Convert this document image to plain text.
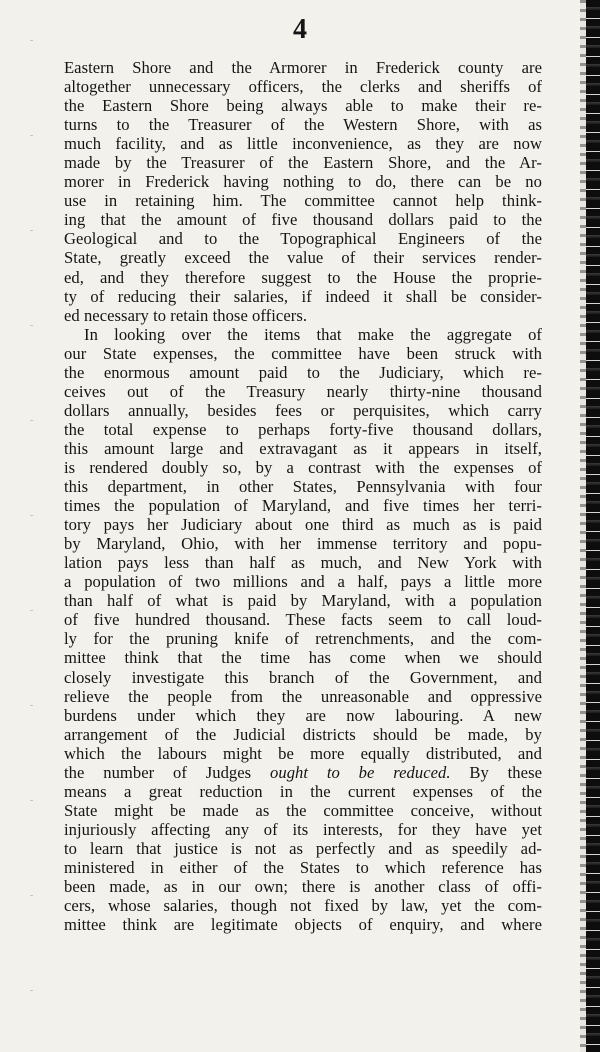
4
Eastern Shore and the Armorer in Frederick county are
altogether unnecessary officers, the clerks and sheriffs of
the Eastern Shore being always able to make their re-
turns to the Treasurer of the Western Shore, with as
much facility, and as little inconvenience, as they are now
made by the Treasurer of the Eastern Shore, and the Ar-
morer in Frederick having nothing to do, there can be no
use in retaining him. The committee cannot help think-
ing that the amount of five thousand dollars paid to the
Geological and to the Topographical Engineers of the
State, greatly exceed the value of their services render-
ed, and they therefore suggest to the House the proprie-
ty of reducing their salaries, if indeed it shall be consider-
ed necessary to retain those officers.
In looking over the items that make the aggregate of
our State expenses, the committee have been struck with
the enormous amount paid to the Judiciary, which re-
ceives out of the Treasury nearly thirty-nine thousand
dollars annually, besides fees or perquisites, which carry
the total expense to perhaps forty-five thousand dollars,
this amount large and extravagant as it appears in itself,
is rendered doubly so, by a contrast with the expenses of
this department, in other States, Pennsylvania with four
times the population of Maryland, and five times her terri-
tory pays her Judiciary about one third as much as is paid
by Maryland, Ohio, with her immense territory and popu-
lation pays less than half as much, and New York with
a population of two millions and a half, pays a little more
than half of what is paid by Maryland, with a population
of five hundred thousand. These facts seem to call loud-
ly for the pruning knife of retrenchments, and the com-
mittee think that the time has come when we should
closely investigate this branch of the Government, and
relieve the people from the unreasonable and oppressive
burdens under which they are now labouring. A new
arrangement of the Judicial districts should be made, by
which the labours might be more equally distributed, and
the number of Judges ought to be reduced. By these
means a great reduction in the current expenses of the
State might be made as the committee conceive, without
injuriously affecting any of its interests, for they have yet
to learn that justice is not as perfectly and as speedily ad-
ministered in either of the States to which reference has
been made, as in our own; there is another class of offi-
cers, whose salaries, though not fixed by law, yet the com-
mittee think are legitimate objects of enquiry, and where
